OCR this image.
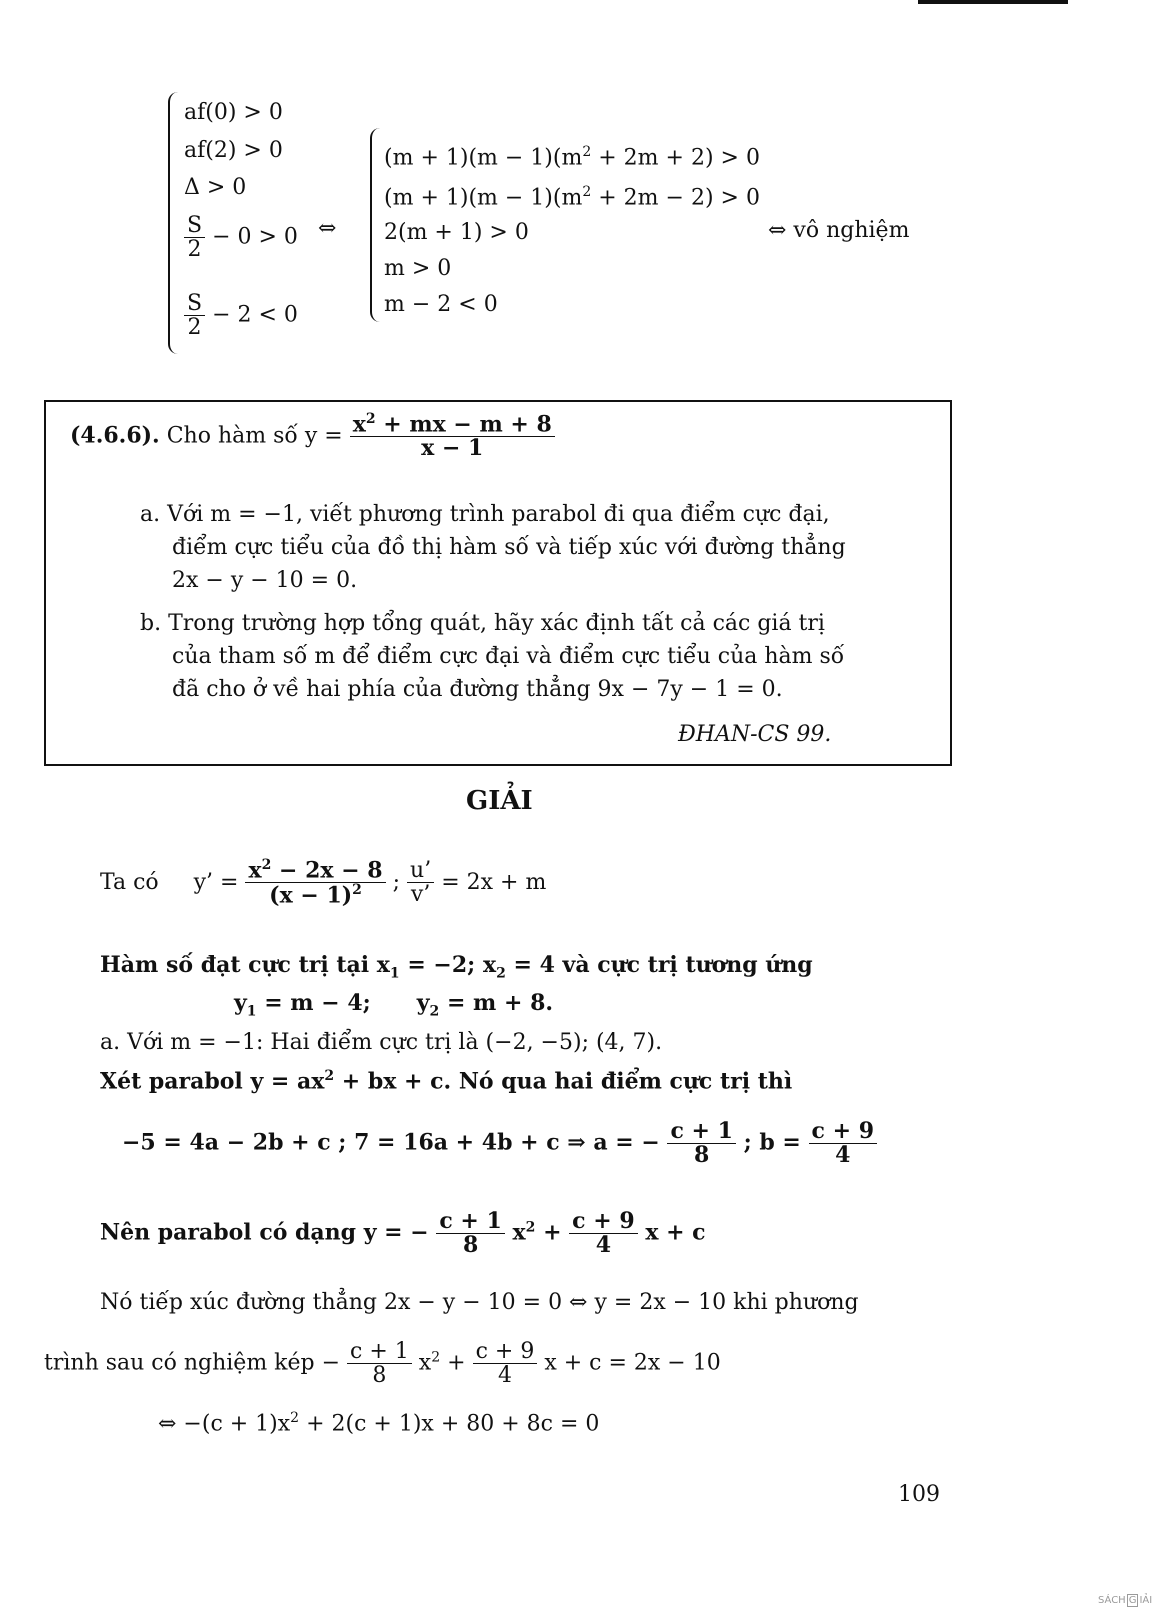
af(0) > 0
af(2) > 0
Δ > 0
$\frac{S}{2} - 0 > 0$
$\frac{S}{2} - 2 < 0$
⇔
$(m + 1)(m - 1)(m^2 + 2m + 2) > 0$
$(m + 1)(m - 1)(m^2 + 2m - 2) > 0$
2(m + 1) > 0
m > 0
m − 2 < 0
⇔ vô nghiệm
(4.6.6). Cho hàm số $y = \frac{x^2 + mx - m + 8}{x - 1}$
a. Với m = −1, viết phương trình parabol đi qua điểm cực đại,
điểm cực tiểu của đồ thị hàm số và tiếp xúc với đường thẳng
2x − y − 10 = 0.
b. Trong trường hợp tổng quát, hãy xác định tất cả các giá trị
của tham số m để điểm cực đại và điểm cực tiểu của hàm số
đã cho ở về hai phía của đường thẳng 9x − 7y − 1 = 0.
ĐHAN-CS 99.
GIẢI
Ta có y’ = $\frac{x^2 - 2x - 8}{(x - 1)^2}$ ; $\frac{u’}{v’} = 2x + m$
Hàm số đạt cực trị tại $x_1 = -2$; $x_2 = 4$ và cực trị tương ứng
$y_1 = m - 4$; $y_2 = m + 8$.
a. Với m = −1: Hai điểm cực trị là (−2, −5); (4, 7).
Xét parabol $y = ax^2$ + bx + c. Nó qua hai điểm cực trị thì
−5 = 4a − 2b + c ; 7 = 16a + 4b + c ⇒ a = − $\frac{c + 1}{8}$ ; $b = \frac{c + 9}{4}$
Nên parabol có dạng y = − $\frac{c + 1}{8} x^2 + \frac{c + 9}{4}$ x + c
Nó tiếp xúc đường thẳng 2x − y − 10 = 0 ⇔ y = 2x − 10 khi phương
trình sau có nghiệm kép − $\frac{c + 1}{8} x^2 + \frac{c + 9}{4}$ x + c = 2x − 10
⇔ $-(c + 1)x^2 + 2(c + 1)x + 80 + 8c = 0$
109
SÁCH G IẢI
